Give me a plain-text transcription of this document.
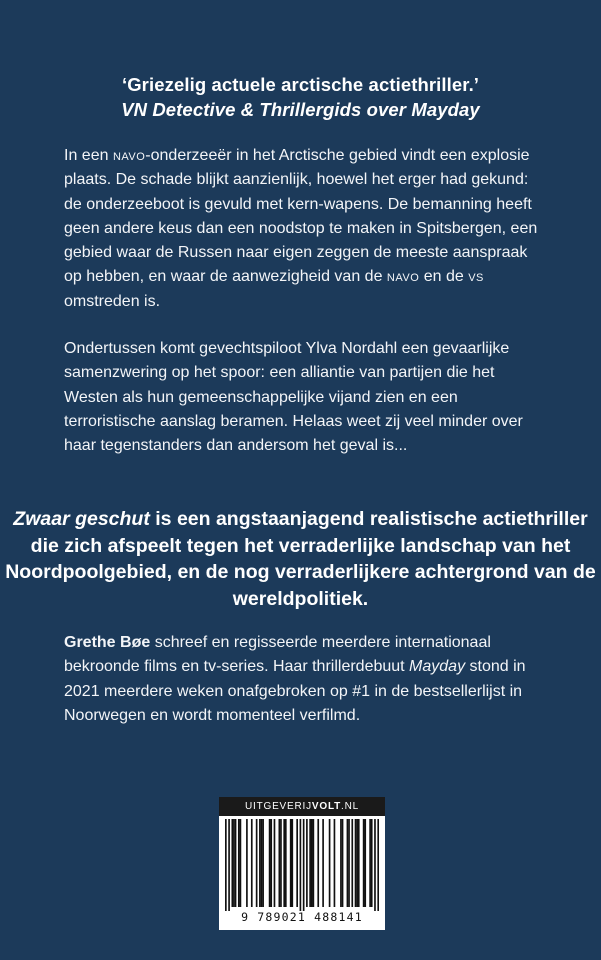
‘Griezelig actuele arctische actiethriller.’
VN Detective & Thrillergids over Mayday
In een navo-onderzeeër in het Arctische gebied vindt een explosie plaats. De schade blijkt aanzienlijk, hoewel het erger had gekund: de onderzeeboot is gevuld met kern-wapens. De bemanning heeft geen andere keus dan een noodstop te maken in Spitsbergen, een gebied waar de Russen naar eigen zeggen de meeste aanspraak op hebben, en waar de aanwezigheid van de navo en de vs omstreden is.
Ondertussen komt gevechtspiloot Ylva Nordahl een gevaarlijke samenzwering op het spoor: een alliantie van partijen die het Westen als hun gemeenschappelijke vijand zien en een terroristische aanslag beramen. Helaas weet zij veel minder over haar tegenstanders dan andersom het geval is...
Zwaar geschut is een angstaanjagend realistische actiethriller die zich afspeelt tegen het verraderlijke landschap van het Noordpoolgebied, en de nog verraderlijkere achtergrond van de wereldpolitiek.
Grethe Bøe schreef en regisseerde meerdere internationaal bekroonde films en tv-series. Haar thrillerdebuut Mayday stond in 2021 meerdere weken onafgebroken op #1 in de bestsellerlijst in Noorwegen en wordt momenteel verfilmd.
UITGEVERIJVOLT.NL
9 789021 488141
